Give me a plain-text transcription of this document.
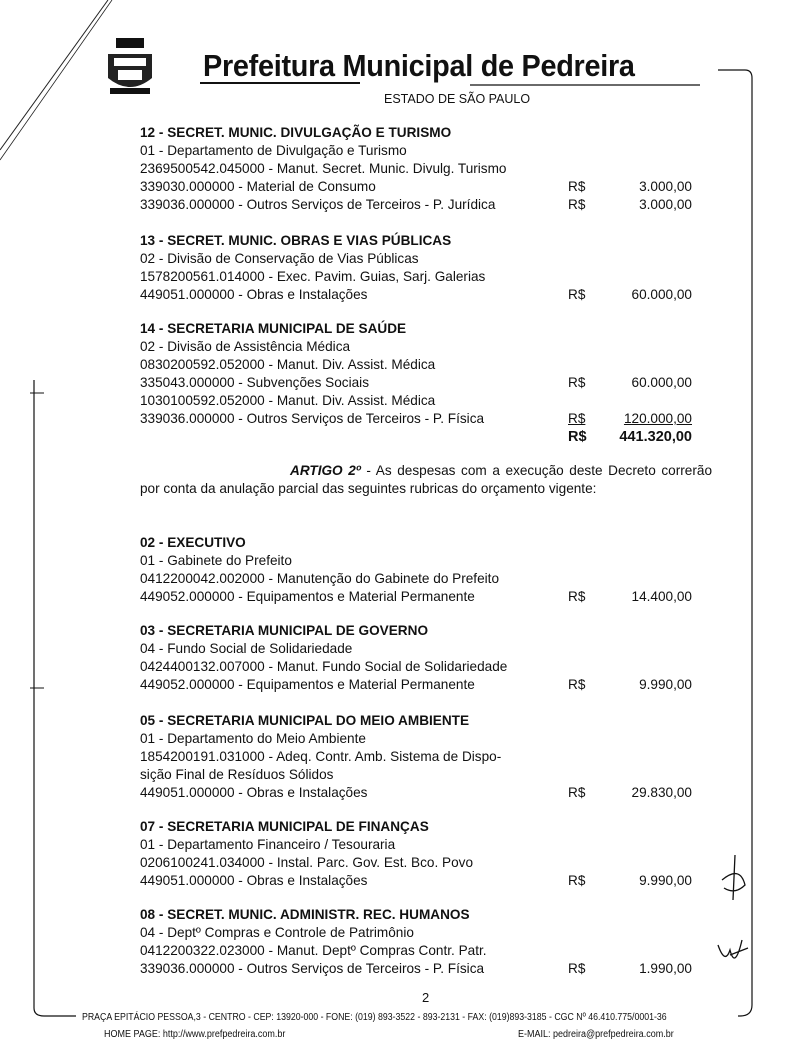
Prefeitura Municipal de Pedreira
ESTADO DE SÃO PAULO
12 - SECRET. MUNIC. DIVULGAÇÃO E TURISMO
01 - Departamento de Divulgação e Turismo
2369500542.045000 - Manut. Secret. Munic. Divulg. Turismo
339030.000000 - Material de Consumo	R$	3.000,00
339036.000000 - Outros Serviços de Terceiros - P. Jurídica	R$	3.000,00
13 - SECRET. MUNIC. OBRAS E VIAS PÚBLICAS
02 - Divisão de Conservação de Vias Públicas
1578200561.014000 - Exec. Pavim. Guias, Sarj. Galerias
449051.000000 - Obras e Instalações	R$	60.000,00
14 - SECRETARIA MUNICIPAL DE SAÚDE
02 - Divisão de Assistência Médica
0830200592.052000 - Manut. Div. Assist. Médica
335043.000000 - Subvenções Sociais	R$	60.000,00
1030100592.052000 - Manut. Div. Assist. Médica
339036.000000 - Outros Serviços de Terceiros - P. Física	R$	120.000,00
R$ 441.320,00
ARTIGO 2º - As despesas com a execução deste Decreto correrão por conta da anulação parcial das seguintes rubricas do orçamento vigente:
02 - EXECUTIVO
01 - Gabinete do Prefeito
0412200042.002000 - Manutenção do Gabinete do Prefeito
449052.000000 - Equipamentos e Material Permanente	R$	14.400,00
03 - SECRETARIA MUNICIPAL DE GOVERNO
04 - Fundo Social de Solidariedade
0424400132.007000 - Manut. Fundo Social de Solidariedade
449052.000000 - Equipamentos e Material Permanente	R$	9.990,00
05 - SECRETARIA MUNICIPAL DO MEIO AMBIENTE
01 - Departamento do Meio Ambiente
1854200191.031000 - Adeq. Contr. Amb. Sistema de Dispo-
sição Final de Resíduos Sólidos
449051.000000 - Obras e Instalações	R$	29.830,00
07 - SECRETARIA MUNICIPAL DE FINANÇAS
01 - Departamento Financeiro / Tesouraria
0206100241.034000 - Instal. Parc. Gov. Est. Bco. Povo
449051.000000 - Obras e Instalações	R$	9.990,00
08 - SECRET. MUNIC. ADMINISTR. REC. HUMANOS
04 - Deptº Compras e Controle de Patrimônio
0412200322.023000 - Manut. Deptº Compras Contr. Patr.
339036.000000 - Outros Serviços de Terceiros - P. Física	R$	1.990,00
2
PRAÇA EPITÁCIO PESSOA,3 - CENTRO - CEP: 13920-000 - FONE: (019) 893-3522 - 893-2131 - FAX: (019)893-3185 - CGC Nº 46.410.775/0001-36
HOME PAGE: http://www.prefpedreira.com.br	E-MAIL: pedreira@prefpedreira.com.br
